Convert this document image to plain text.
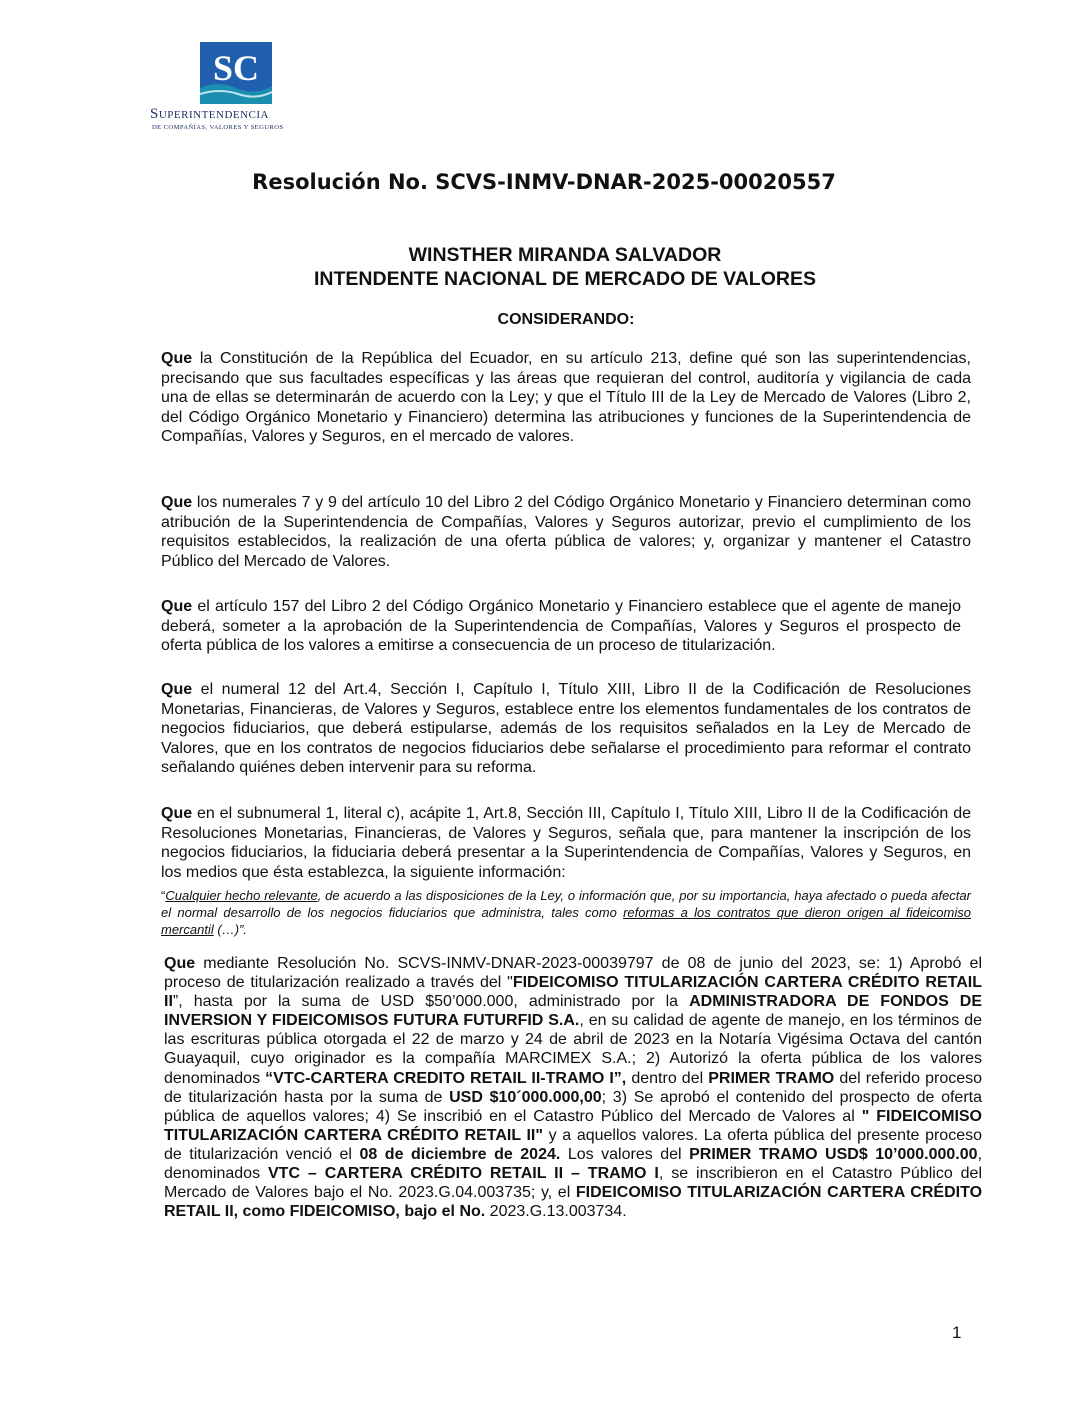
SC
Superintendencia
DE COMPAÑÍAS, VALORES Y SEGUROS
Resolución No. SCVS-INMV-DNAR-2025-00020557
WINSTHER MIRANDA SALVADOR
INTENDENTE NACIONAL DE MERCADO DE VALORES
CONSIDERANDO:

Que la Constitución de la República del Ecuador, en su artículo 213, define qué son las superintendencias, precisando que sus facultades específicas y las áreas que requieran del control, auditoría y vigilancia de cada una de ellas se determinarán de acuerdo con la Ley; y que el Título III de la Ley de Mercado de Valores (Libro 2, del Código Orgánico Monetario y Financiero) determina las atribuciones y funciones de la Superintendencia de Compañías, Valores y Seguros, en el mercado de valores.

Que los numerales 7 y 9 del artículo 10 del Libro 2 del Código Orgánico Monetario y Financiero determinan como atribución de la Superintendencia de Compañías, Valores y Seguros autorizar, previo el cumplimiento de los requisitos establecidos, la realización de una oferta pública de valores; y, organizar y mantener el Catastro Público del Mercado de Valores.

Que el artículo 157 del Libro 2 del Código Orgánico Monetario y Financiero establece que el agente de manejo deberá, someter a la aprobación de la Superintendencia de Compañías, Valores y Seguros el prospecto de oferta pública de los valores a emitirse a consecuencia de un proceso de titularización.

Que el numeral 12 del Art.4, Sección I, Capítulo I, Título XIII, Libro II de la Codificación de Resoluciones Monetarias, Financieras, de Valores y Seguros, establece entre los elementos fundamentales de los contratos de negocios fiduciarios, que deberá estipularse, además de los requisitos señalados en la Ley de Mercado de Valores, que en los contratos de negocios fiduciarios debe señalarse el procedimiento para reformar el contrato señalando quiénes deben intervenir para su reforma.

Que en el subnumeral 1, literal c), acápite 1, Art.8, Sección III, Capítulo I, Título XIII, Libro II de la Codificación de Resoluciones Monetarias, Financieras, de Valores y Seguros, señala que, para mantener la inscripción de los negocios fiduciarios, la fiduciaria deberá presentar a la Superintendencia de Compañías, Valores y Seguros, en los medios que ésta establezca, la siguiente información:

“Cualquier hecho relevante, de acuerdo a las disposiciones de la Ley, o información que, por su importancia, haya afectado o pueda afectar el normal desarrollo de los negocios fiduciarios que administra, tales como reformas a los contratos que dieron origen al fideicomiso mercantil (…)”.

Que mediante Resolución No. SCVS-INMV-DNAR-2023-00039797 de 08 de junio del 2023, se: 1) Aprobó el proceso de titularización realizado a través del "FIDEICOMISO TITULARIZACIÓN CARTERA CRÉDITO RETAIL II”, hasta por la suma de USD $50’000.000, administrado por la ADMINISTRADORA DE FONDOS DE INVERSION Y FIDEICOMISOS FUTURA FUTURFID S.A., en su calidad de agente de manejo, en los términos de las escrituras pública otorgada el 22 de marzo y 24 de abril de 2023 en la Notaría Vigésima Octava del cantón Guayaquil, cuyo originador es la compañía MARCIMEX S.A.; 2) Autorizó la oferta pública de los valores denominados “VTC-CARTERA CREDITO RETAIL II-TRAMO I”, dentro del PRIMER TRAMO del referido proceso de titularización hasta por la suma de USD $10´000.000,00; 3) Se aprobó el contenido del prospecto de oferta pública de aquellos valores; 4) Se inscribió en el Catastro Público del Mercado de Valores al " FIDEICOMISO TITULARIZACIÓN CARTERA CRÉDITO RETAIL II" y a aquellos valores. La oferta pública del presente proceso de titularización venció el 08 de diciembre de 2024. Los valores del PRIMER TRAMO USD$ 10’000.000.00, denominados VTC – CARTERA CRÉDITO RETAIL II – TRAMO I, se inscribieron en el Catastro Público del Mercado de Valores bajo el No. 2023.G.04.003735; y, el FIDEICOMISO TITULARIZACIÓN CARTERA CRÉDITO RETAIL II, como FIDEICOMISO, bajo el No. 2023.G.13.003734.

1
